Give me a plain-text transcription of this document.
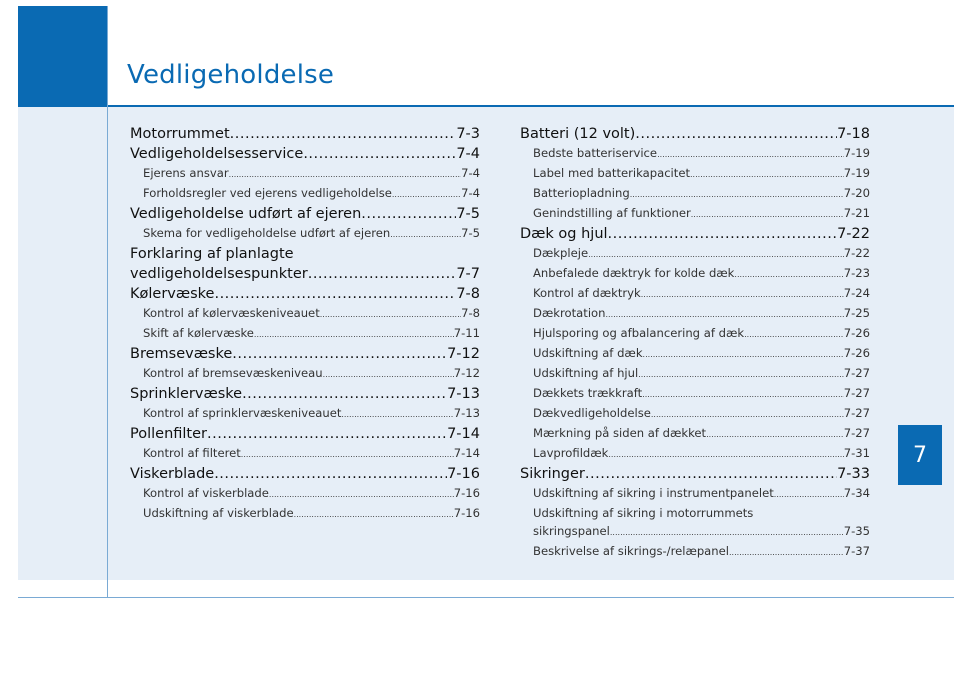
Vedligeholdelse
Motorrummet .....	7-3
Vedligeholdelsesservice .....	7-4
Ejerens ansvar .....	7-4
Forholdsregler ved ejerens vedligeholdelse .....	7-4
Vedligeholdelse udført af ejeren .....	7-5
Skema for vedligeholdelse udført af ejeren .....	7-5
Forklaring af planlagte
vedligeholdelsespunkter .....	7-7
Kølervæske .....	7-8
Kontrol af kølervæskeniveauet .....	7-8
Skift af kølervæske .....	7-11
Bremsevæske .....	7-12
Kontrol af bremsevæskeniveau .....	7-12
Sprinklervæske .....	7-13
Kontrol af sprinklervæskeniveauet .....	7-13
Pollenfilter .....	7-14
Kontrol af filteret .....	7-14
Viskerblade .....	7-16
Kontrol af viskerblade .....	7-16
Udskiftning af viskerblade .....	7-16
Batteri (12 volt) .....	7-18
Bedste batteriservice .....	7-19
Label med batterikapacitet .....	7-19
Batteriopladning .....	7-20
Genindstilling af funktioner .....	7-21
Dæk og hjul .....	7-22
Dækpleje .....	7-22
Anbefalede dæktryk for kolde dæk .....	7-23
Kontrol af dæktryk .....	7-24
Dækrotation .....	7-25
Hjulsporing og afbalancering af dæk .....	7-26
Udskiftning af dæk .....	7-26
Udskiftning af hjul .....	7-27
Dækkets trækkraft .....	7-27
Dækvedligeholdelse .....	7-27
Mærkning på siden af dækket .....	7-27
Lavprofildæk .....	7-31
Sikringer .....	7-33
Udskiftning af sikring i instrumentpanelet .....	7-34
Udskiftning af sikring i motorrummets
sikringspanel .....	7-35
Beskrivelse af sikrings-/relæpanel .....	7-37
7
